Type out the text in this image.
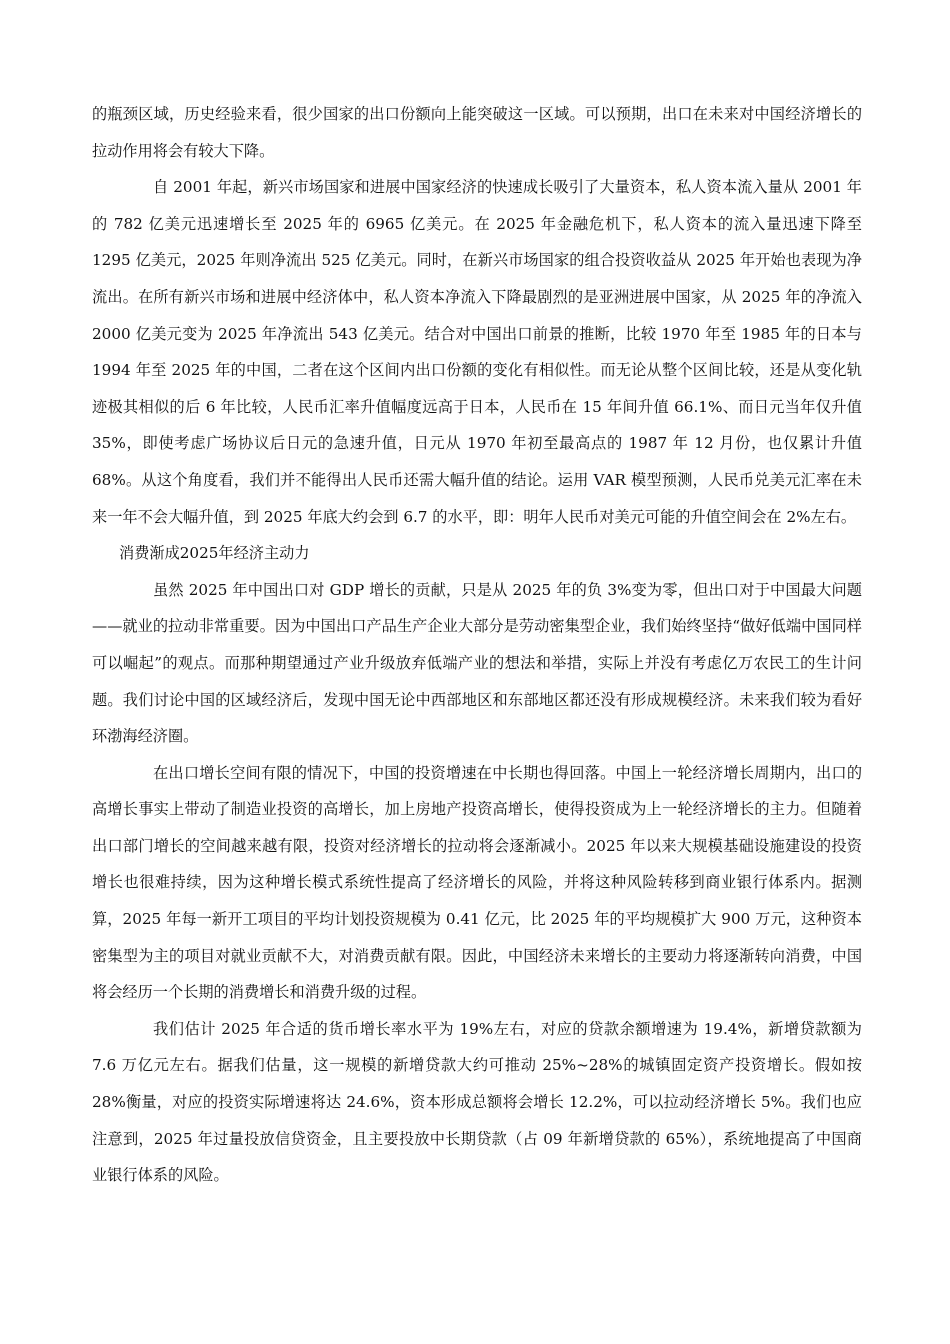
的瓶颈区域，历史经验来看，很少国家的出口份额向上能突破这一区域。可以预期，出口在未来对中国经济增长的拉动作用将会有较大下降。

自 2001 年起，新兴市场国家和进展中国家经济的快速成长吸引了大量资本，私人资本流入量从 2001 年的 782 亿美元迅速增长至 2025 年的 6965 亿美元。在 2025 年金融危机下，私人资本的流入量迅速下降至 1295 亿美元，2025 年则净流出 525 亿美元。同时，在新兴市场国家的组合投资收益从 2025 年开始也表现为净流出。在所有新兴市场和进展中经济体中，私人资本净流入下降最剧烈的是亚洲进展中国家，从 2025 年的净流入 2000 亿美元变为 2025 年净流出 543 亿美元。结合对中国出口前景的推断，比较 1970 年至 1985 年的日本与 1994 年至 2025 年的中国，二者在这个区间内出口份额的变化有相似性。而无论从整个区间比较，还是从变化轨迹极其相似的后 6 年比较，人民币汇率升值幅度远高于日本，人民币在 15 年间升值 66.1%、而日元当年仅升值 35%，即使考虑广场协议后日元的急速升值，日元从 1970 年初至最高点的 1987 年 12 月份，也仅累计升值 68%。从这个角度看，我们并不能得出人民币还需大幅升值的结论。运用 VAR 模型预测，人民币兑美元汇率在未来一年不会大幅升值，到 2025 年底大约会到 6.7 的水平，即：明年人民币对美元可能的升值空间会在 2%左右。

消费渐成2025年经济主动力

虽然 2025 年中国出口对 GDP 增长的贡献，只是从 2025 年的负 3%变为零，但出口对于中国最大问题——就业的拉动非常重要。因为中国出口产品生产企业大部分是劳动密集型企业，我们始终坚持“做好低端中国同样可以崛起”的观点。而那种期望通过产业升级放弃低端产业的想法和举措，实际上并没有考虑亿万农民工的生计问题。我们讨论中国的区域经济后，发现中国无论中西部地区和东部地区都还没有形成规模经济。未来我们较为看好环渤海经济圈。

在出口增长空间有限的情况下，中国的投资增速在中长期也得回落。中国上一轮经济增长周期内，出口的高增长事实上带动了制造业投资的高增长，加上房地产投资高增长，使得投资成为上一轮经济增长的主力。但随着出口部门增长的空间越来越有限，投资对经济增长的拉动将会逐渐减小。2025 年以来大规模基础设施建设的投资增长也很难持续，因为这种增长模式系统性提高了经济增长的风险，并将这种风险转移到商业银行体系内。据测算，2025 年每一新开工项目的平均计划投资规模为 0.41 亿元，比 2025 年的平均规模扩大 900 万元，这种资本密集型为主的项目对就业贡献不大，对消费贡献有限。因此，中国经济未来增长的主要动力将逐渐转向消费，中国将会经历一个长期的消费增长和消费升级的过程。

我们估计 2025 年合适的货币增长率水平为 19%左右，对应的贷款余额增速为 19.4%，新增贷款额为 7.6 万亿元左右。据我们估量，这一规模的新增贷款大约可推动 25%~28%的城镇固定资产投资增长。假如按 28%衡量，对应的投资实际增速将达 24.6%，资本形成总额将会增长 12.2%，可以拉动经济增长 5%。我们也应注意到，2025 年过量投放信贷资金，且主要投放中长期贷款（占 09 年新增贷款的 65%），系统地提高了中国商业银行体系的风险。
